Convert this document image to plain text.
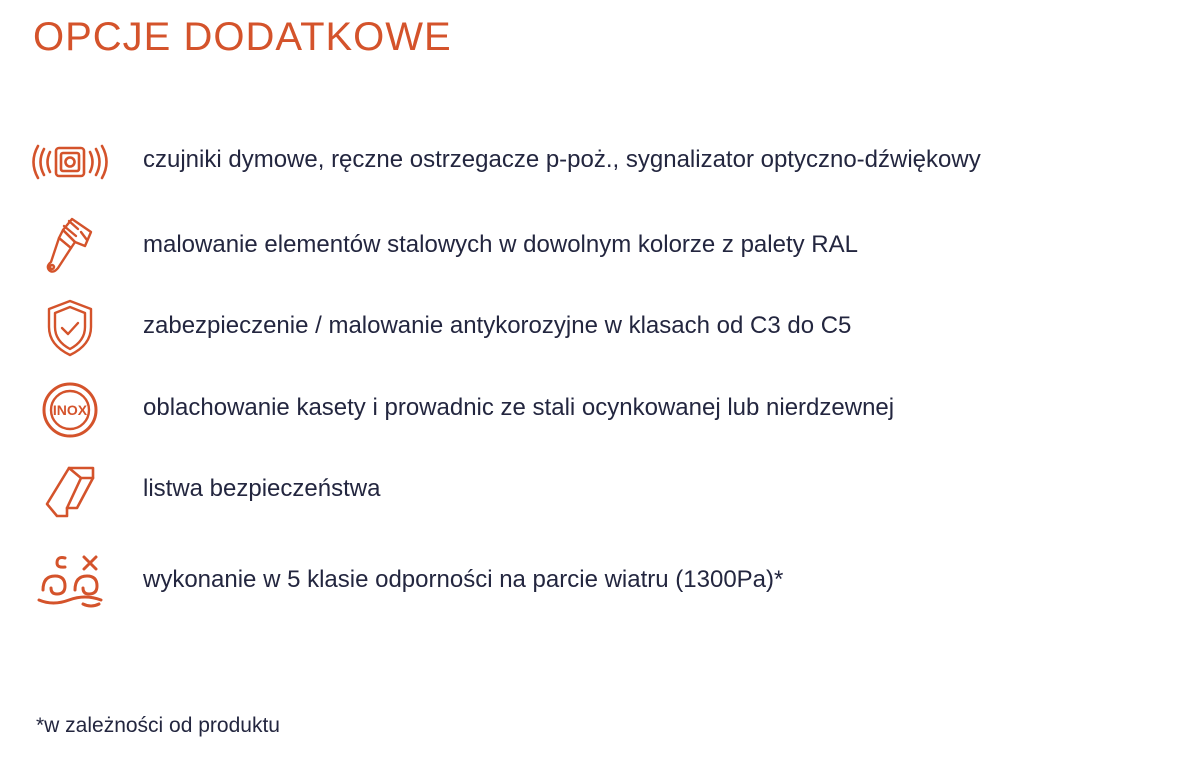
OPCJE DODATKOWE
czujniki dymowe, ręczne ostrzegacze p-poż., sygnalizator optyczno-dźwiękowy
malowanie elementów stalowych w dowolnym kolorze z palety RAL
zabezpieczenie / malowanie antykorozyjne w klasach od C3 do C5
INOX oblachowanie kasety i prowadnic ze stali ocynkowanej lub nierdzewnej
listwa bezpieczeństwa
wykonanie w 5 klasie odporności na parcie wiatru (1300Pa)*
*w zależności od produktu
